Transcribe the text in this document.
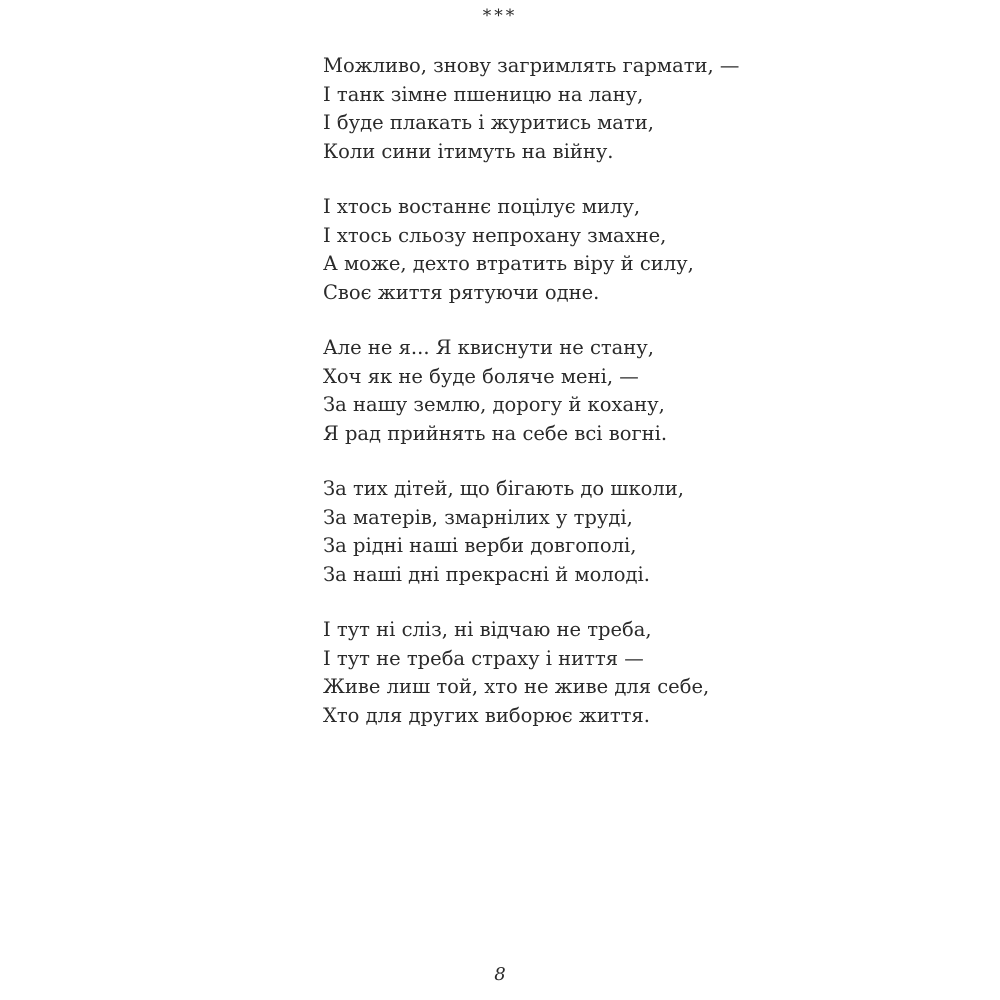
***
Можливо, знову загримлять гармати, —
І танк зімне пшеницю на лану,
І буде плакать і журитись мати,
Коли сини ітимуть на війну.
І хтось востаннє поцілує милу,
І хтось сльозу непрохану змахне,
А може, дехто втратить віру й силу,
Своє життя рятуючи одне.
Але не я... Я квиснути не стану,
Хоч як не буде боляче мені, —
За нашу землю, дорогу й кохану,
Я рад прийнять на себе всі вогні.
За тих дітей, що бігають до школи,
За матерів, змарнілих у труді,
За рідні наші верби довгополі,
За наші дні прекрасні й молоді.
І тут ні сліз, ні відчаю не треба,
І тут не треба страху і ниття —
Живе лиш той, хто не живе для себе,
Хто для других виборює життя.
8
